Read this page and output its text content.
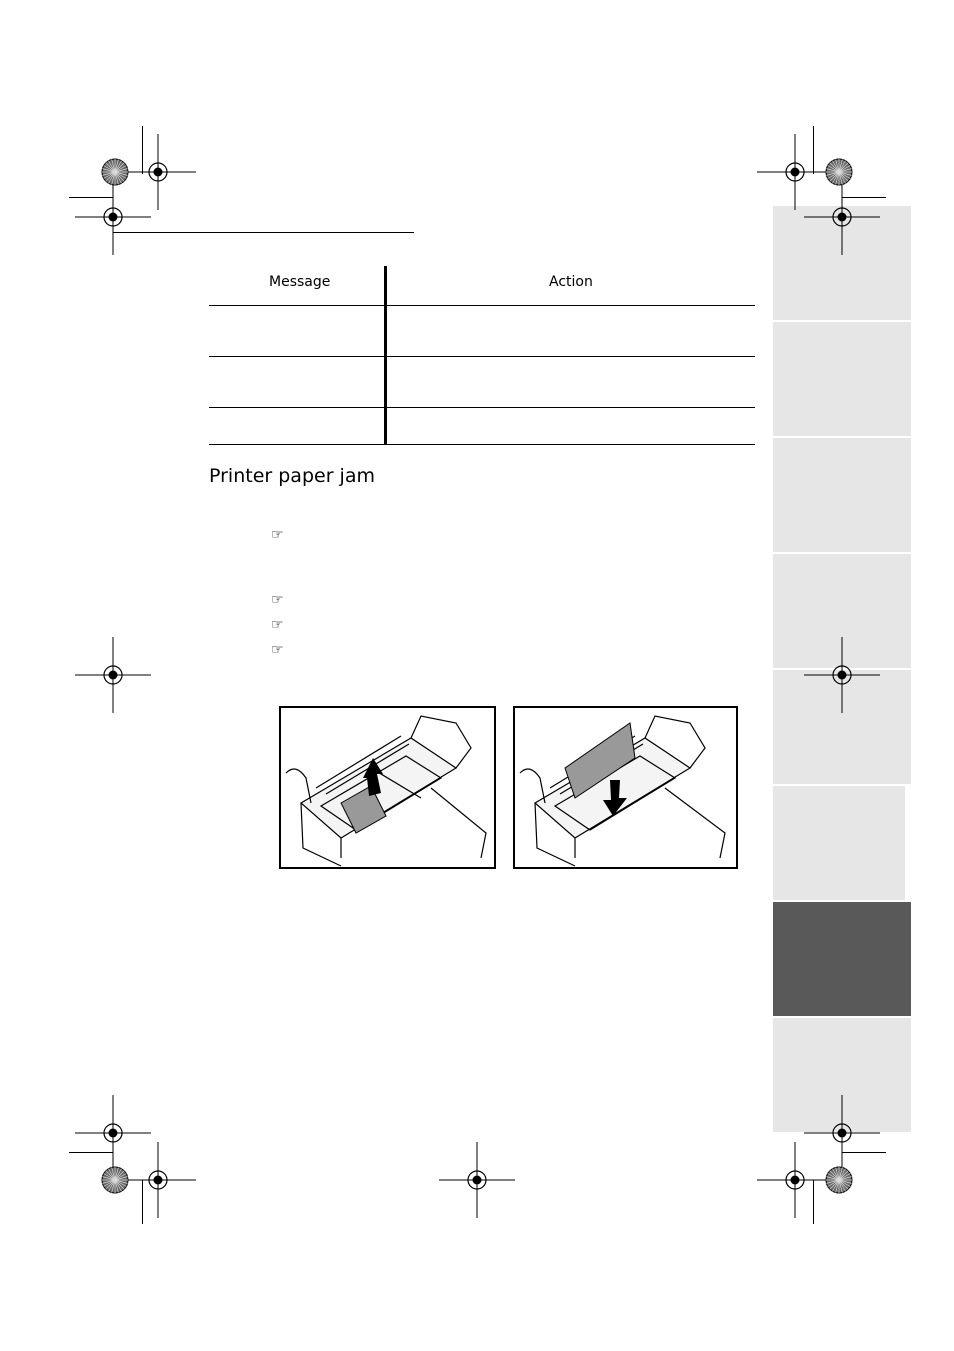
Message	Action
Printer paper jam
☞
☞
☞
☞
